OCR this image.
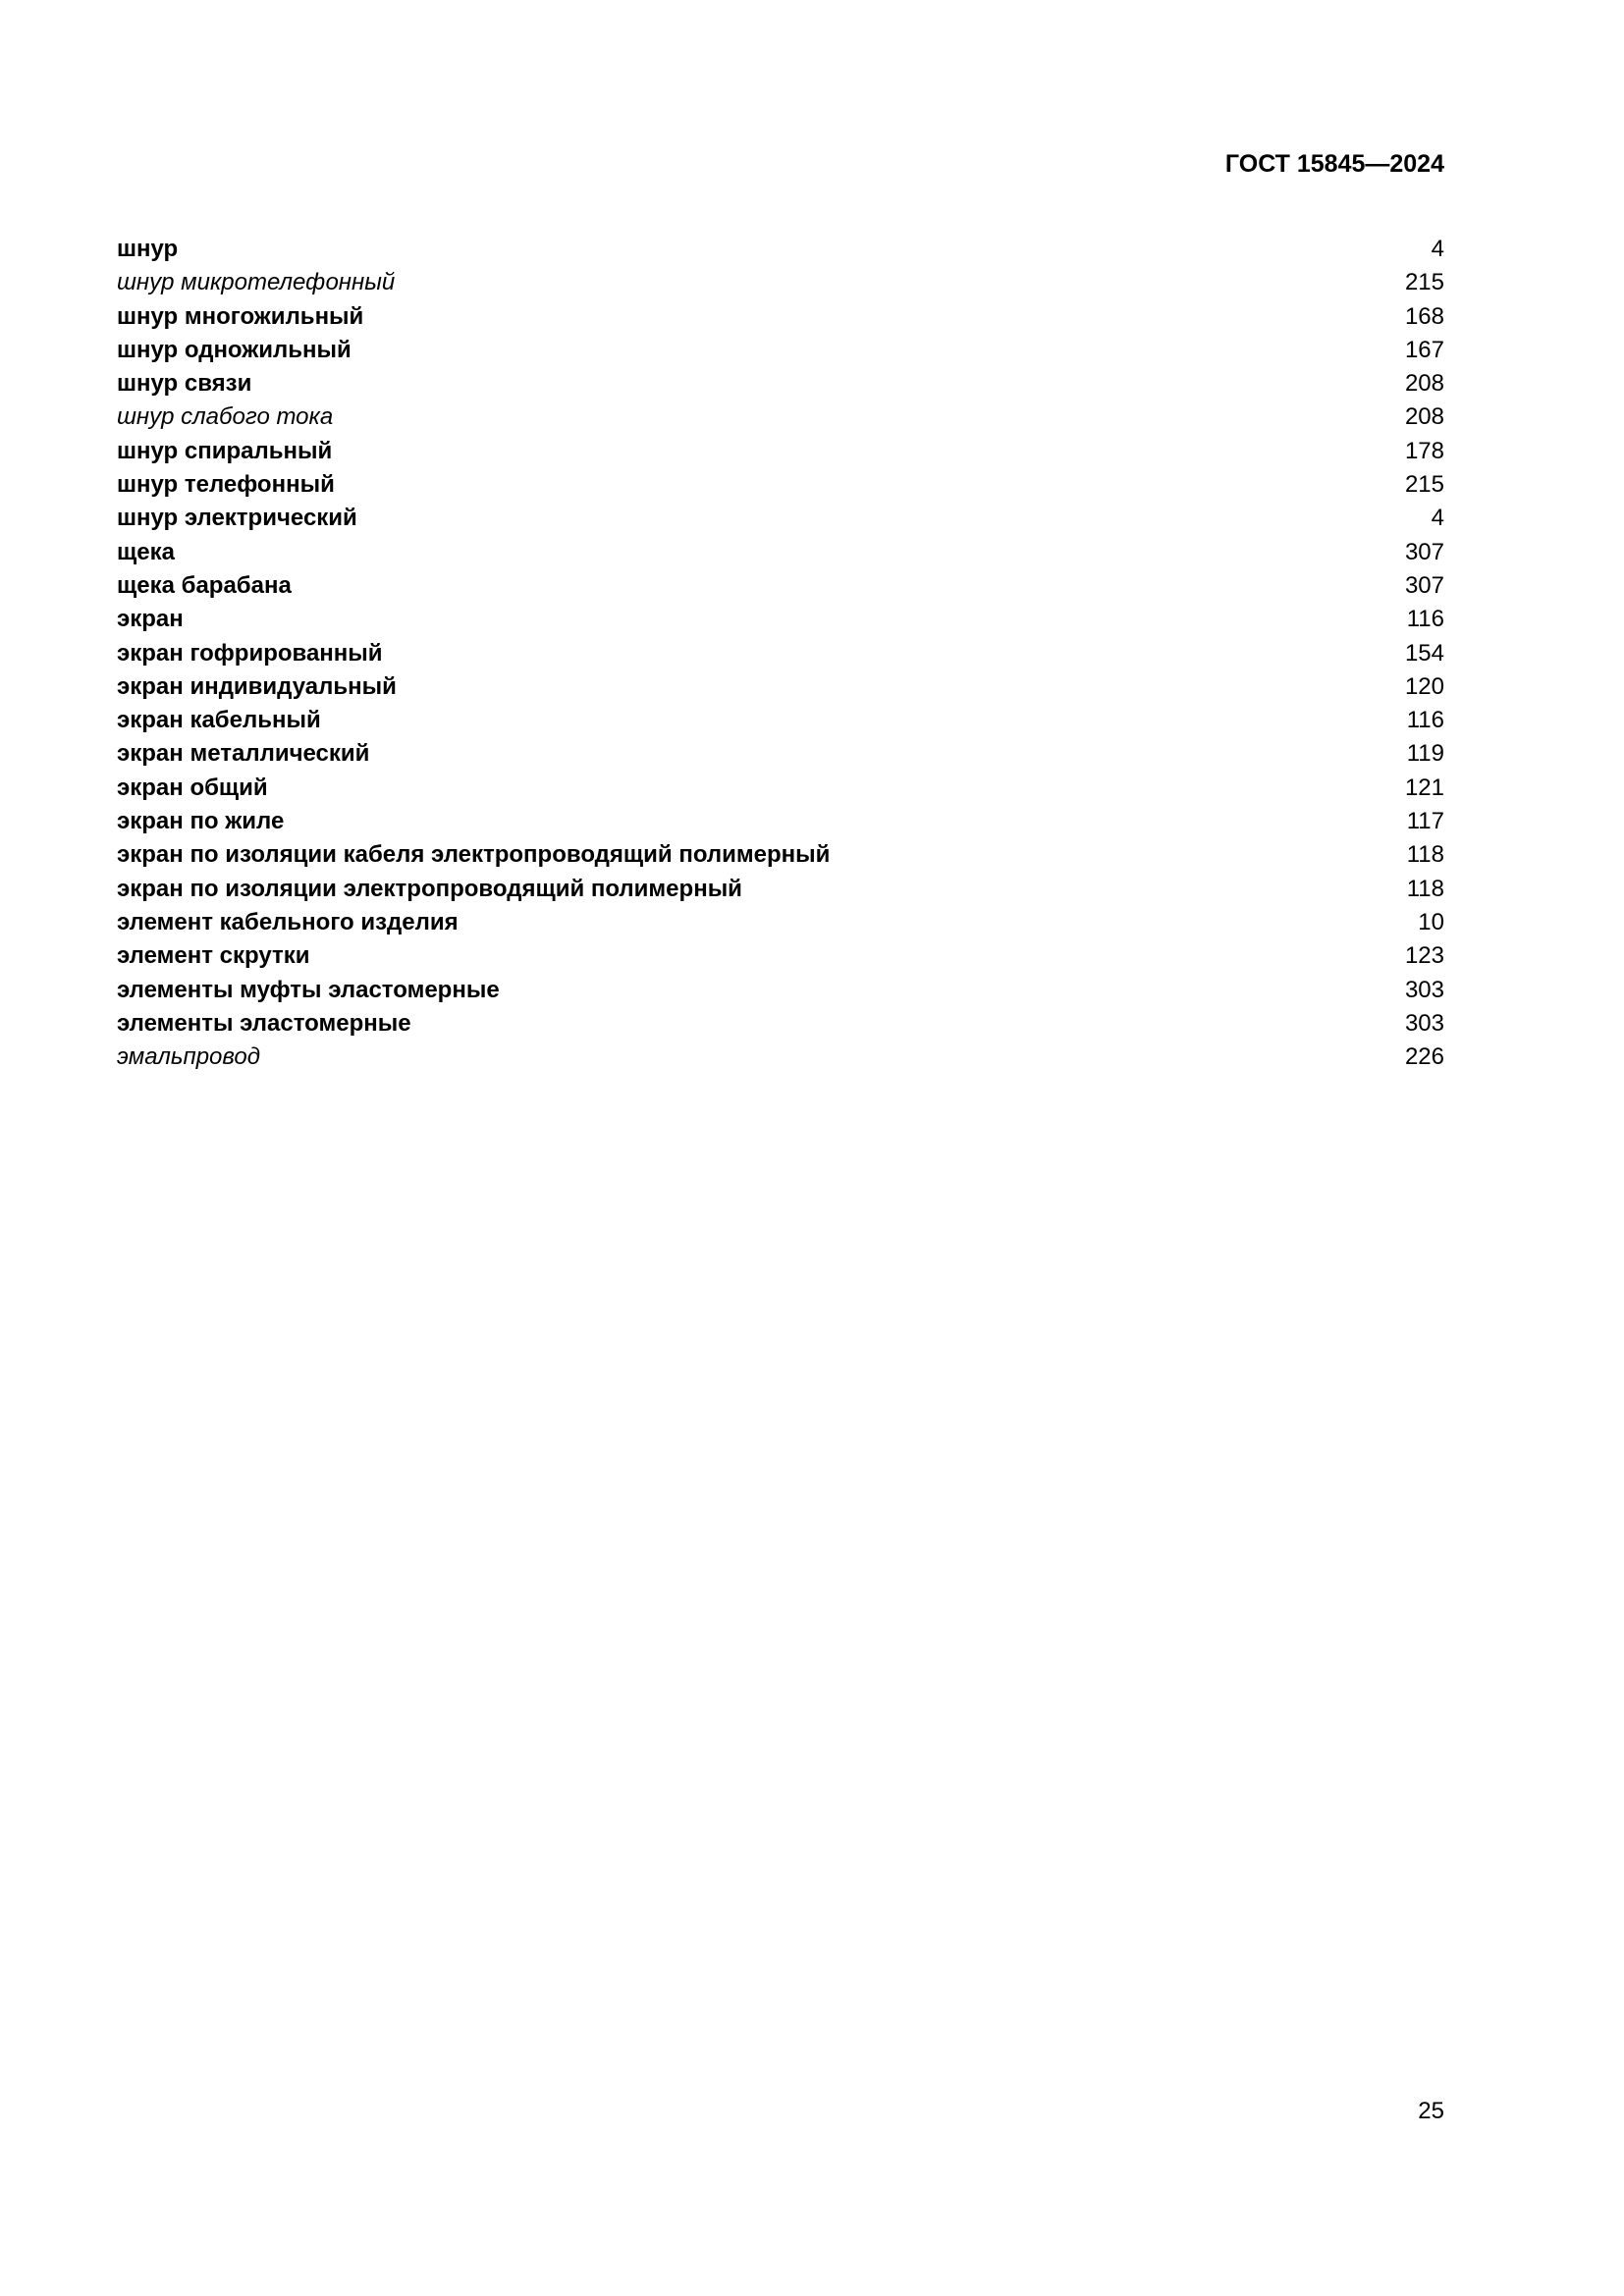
ГОСТ 15845—2024
шнур	4
шнур микротелефонный	215
шнур многожильный	168
шнур одножильный	167
шнур связи	208
шнур слабого тока	208
шнур спиральный	178
шнур телефонный	215
шнур электрический	4
щека	307
щека барабана	307
экран	116
экран гофрированный	154
экран индивидуальный	120
экран кабельный	116
экран металлический	119
экран общий	121
экран по жиле	117
экран по изоляции кабеля электропроводящий полимерный	118
экран по изоляции электропроводящий полимерный	118
элемент кабельного изделия	10
элемент скрутки	123
элементы муфты эластомерные	303
элементы эластомерные	303
эмальпровод	226
25
